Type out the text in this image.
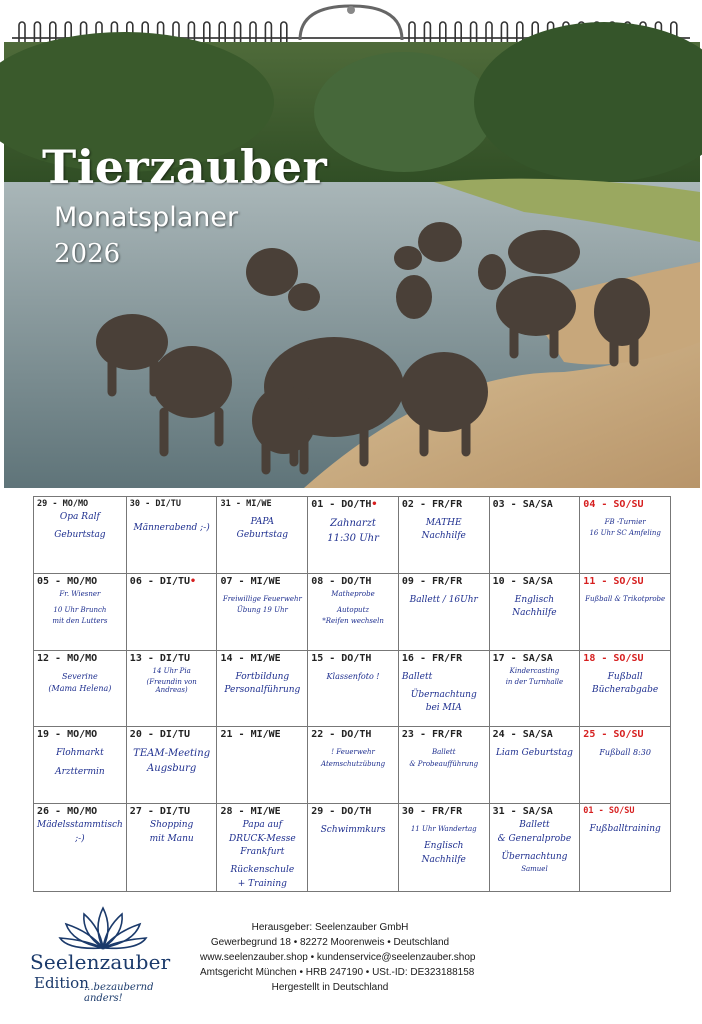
Tierzauber
Monatsplaner
2026
29 - MO/MO
Opa Ralf
Geburtstag
30 - DI/TU
Männerabend ;-)
31 - MI/WE
PAPA
Geburtstag
01 - DO/TH•
Zahnarzt
11:30 Uhr
02 - FR/FR
MATHE
Nachhilfe
03 - SA/SA	04 - SO/SU
FB -Turnier
16 Uhr SC Amfeling
05 - MO/MO
Fr. Wiesner
10 Uhr Brunch
mit den Lutters
06 - DI/TU•	07 - MI/WE
Freiwillige Feuerwehr
Übung 19 Uhr
08 - DO/TH
Matheprobe
Autoputz
*Reifen wechseln
09 - FR/FR
Ballett / 16Uhr
10 - SA/SA
Englisch
Nachhilfe
11 - SO/SU
Fußball & Trikotprobe
12 - MO/MO
Severine
(Mama Helena)
13 - DI/TU
14 Uhr Pia
(Freundin von Andreas)
14 - MI/WE
Fortbildung
Personalführung
15 - DO/TH
Klassenfoto !
16 - FR/FR
Ballett
Übernachtung
bei MIA
17 - SA/SA
Kindercasting
in der Turnhalle
18 - SO/SU
Fußball
Bücherabgabe
19 - MO/MO
Flohmarkt
Arzttermin
20 - DI/TU
TEAM-Meeting
Augsburg
21 - MI/WE	22 - DO/TH
! Feuerwehr
Atemschutzübung
23 - FR/FR
Ballett
& Probeaufführung
24 - SA/SA
Liam Geburtstag
25 - SO/SU
Fußball 8:30
26 - MO/MO
Mädelsstammtisch
;-)
27 - DI/TU
Shopping
mit Manu
28 - MI/WE
Papa auf
DRUCK-Messe
Frankfurt
Rückenschule
+ Training
29 - DO/TH
Schwimmkurs
30 - FR/FR
11 Uhr Wandertag
Englisch
Nachhilfe
31 - SA/SA
Ballett
& Generalprobe
Übernachtung
Samuel
01 - SO/SU
Fußballtraining
Seelenzauber
Edition
...bezaubernd anders!
Herausgeber: Seelenzauber GmbH
Gewerbegrund 18 • 82272 Moorenweis • Deutschland
www.seelenzauber.shop • kundenservice@seelenzauber.shop
Amtsgericht München • HRB 247190 • USt.-ID: DE323188158
Hergestellt in Deutschland
